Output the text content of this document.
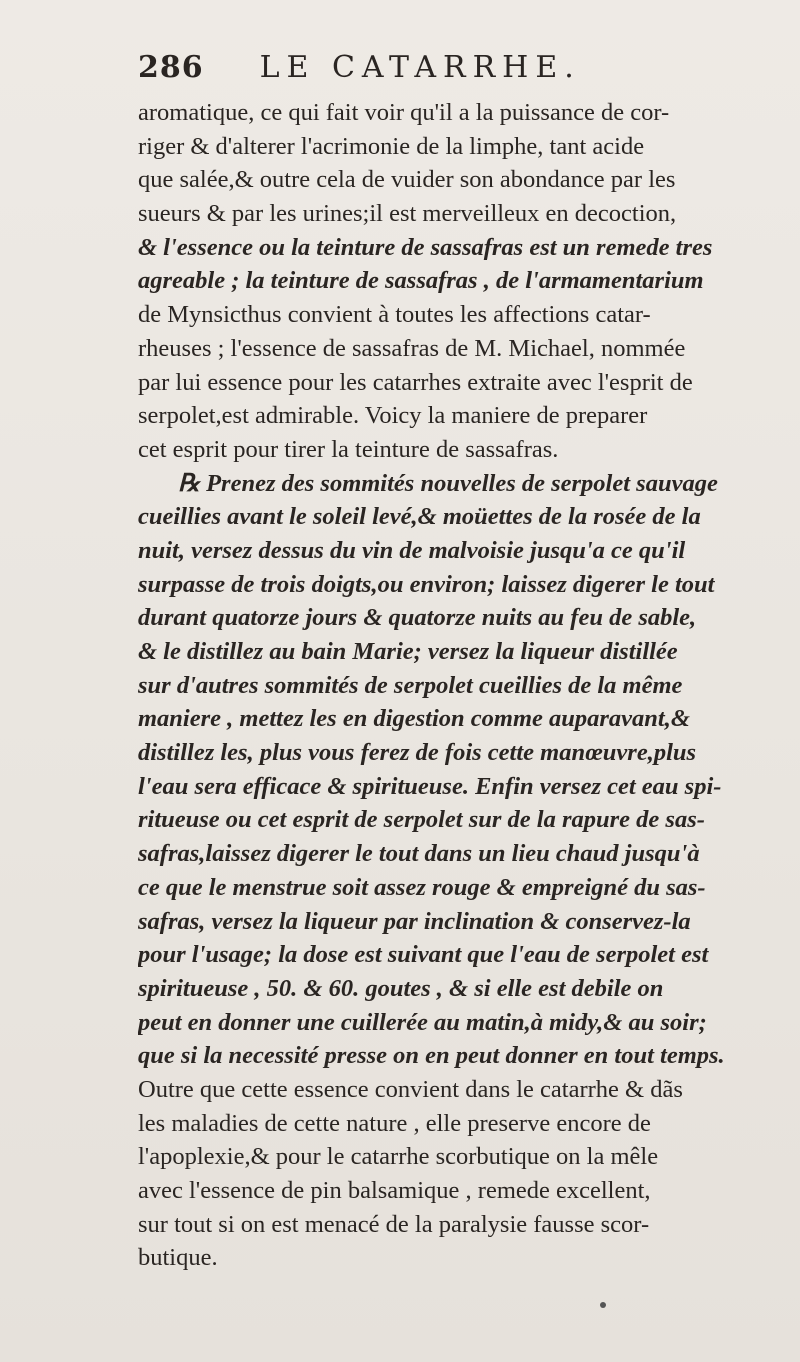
286 LE CATARRHE.
aromatique, ce qui fait voir qu'il a la puissance de cor-
riger & d'alterer l'acrimonie de la limphe, tant acide
que salée,& outre cela de vuider son abondance par les
sueurs & par les urines;il est merveilleux en decoction,
& l'essence ou la teinture de sassafras est un remede tres
agreable ; la teinture de sassafras , de l'armamentarium
de Mynsicthus convient à toutes les affections catar-
rheuses ; l'essence de sassafras de M. Michael, nommée
par lui essence pour les catarrhes extraite avec l'esprit de
serpolet,est admirable. Voicy la maniere de preparer
cet esprit pour tirer la teinture de sassafras.
℞ Prenez des sommités nouvelles de serpolet sauvage
cueillies avant le soleil levé,& moüettes de la rosée de la
nuit, versez dessus du vin de malvoisie jusqu'a ce qu'il
surpasse de trois doigts,ou environ; laissez digerer le tout
durant quatorze jours & quatorze nuits au feu de sable,
& le distillez au bain Marie; versez la liqueur distillée
sur d'autres sommités de serpolet cueillies de la même
maniere , mettez les en digestion comme auparavant,&
distillez les, plus vous ferez de fois cette manœuvre,plus
l'eau sera efficace & spiritueuse. Enfin versez cet eau spi-
ritueuse ou cet esprit de serpolet sur de la rapure de sas-
safras,laissez digerer le tout dans un lieu chaud jusqu'à
ce que le menstrue soit assez rouge & empreigné du sas-
safras, versez la liqueur par inclination & conservez-la
pour l'usage; la dose est suivant que l'eau de serpolet est
spiritueuse , 50. & 60. goutes , & si elle est debile on
peut en donner une cuillerée au matin,à midy,& au soir;
que si la necessité presse on en peut donner en tout temps.
Outre que cette essence convient dans le catarrhe & dãs
les maladies de cette nature , elle preserve encore de
l'apoplexie,& pour le catarrhe scorbutique on la mêle
avec l'essence de pin balsamique , remede excellent,
sur tout si on est menacé de la paralysie fausse scor-
butique.
